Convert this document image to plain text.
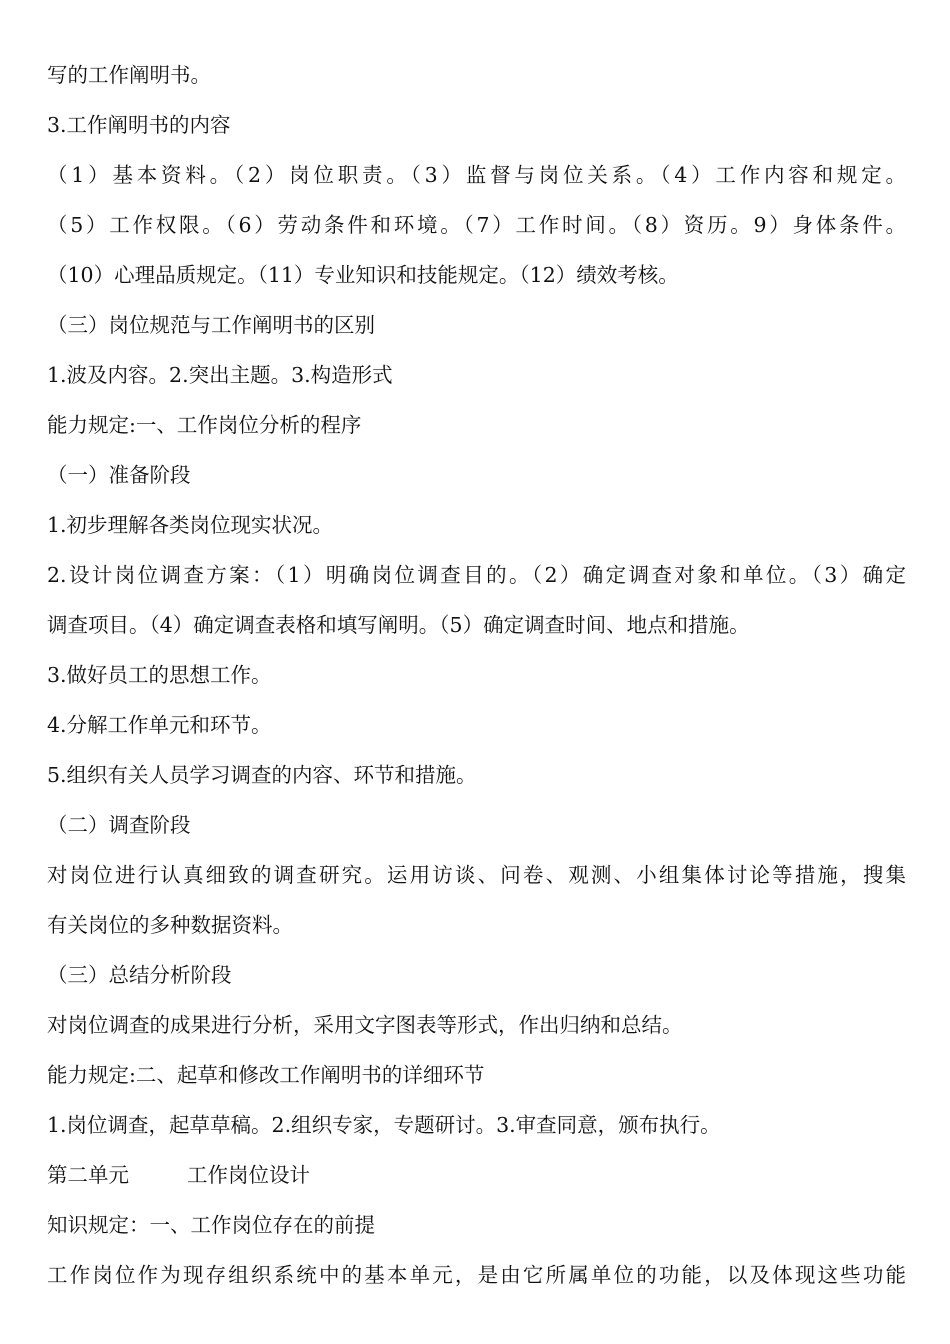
写的工作阐明书。
3.工作阐明书的内容
（1）基本资料。（2）岗位职责。（3）监督与岗位关系。（4）工作内容和规定。
（5）工作权限。（6）劳动条件和环境。（7）工作时间。（8）资历。9）身体条件。
（10）心理品质规定。（11）专业知识和技能规定。（12）绩效考核。
（三）岗位规范与工作阐明书的区别
1.波及内容。2.突出主题。3.构造形式
能力规定:一、工作岗位分析的程序
（一）准备阶段
1.初步理解各类岗位现实状况。
2.设计岗位调查方案：（1）明确岗位调查目的。（2）确定调查对象和单位。（3）确定
调查项目。（4）确定调查表格和填写阐明。（5）确定调查时间、地点和措施。
3.做好员工的思想工作。
4.分解工作单元和环节。
5.组织有关人员学习调查的内容、环节和措施。
（二）调查阶段
对岗位进行认真细致的调查研究。运用访谈、问卷、观测、小组集体讨论等措施，搜集
有关岗位的多种数据资料。
（三）总结分析阶段
对岗位调查的成果进行分析，采用文字图表等形式，作出归纳和总结。
能力规定:二、起草和修改工作阐明书的详细环节
1.岗位调查，起草草稿。2.组织专家，专题研讨。3.审查同意，颁布执行。
第二单元	工作岗位设计
知识规定：一、工作岗位存在的前提
工作岗位作为现存组织系统中的基本单元，是由它所属单位的功能，以及体现这些功能
